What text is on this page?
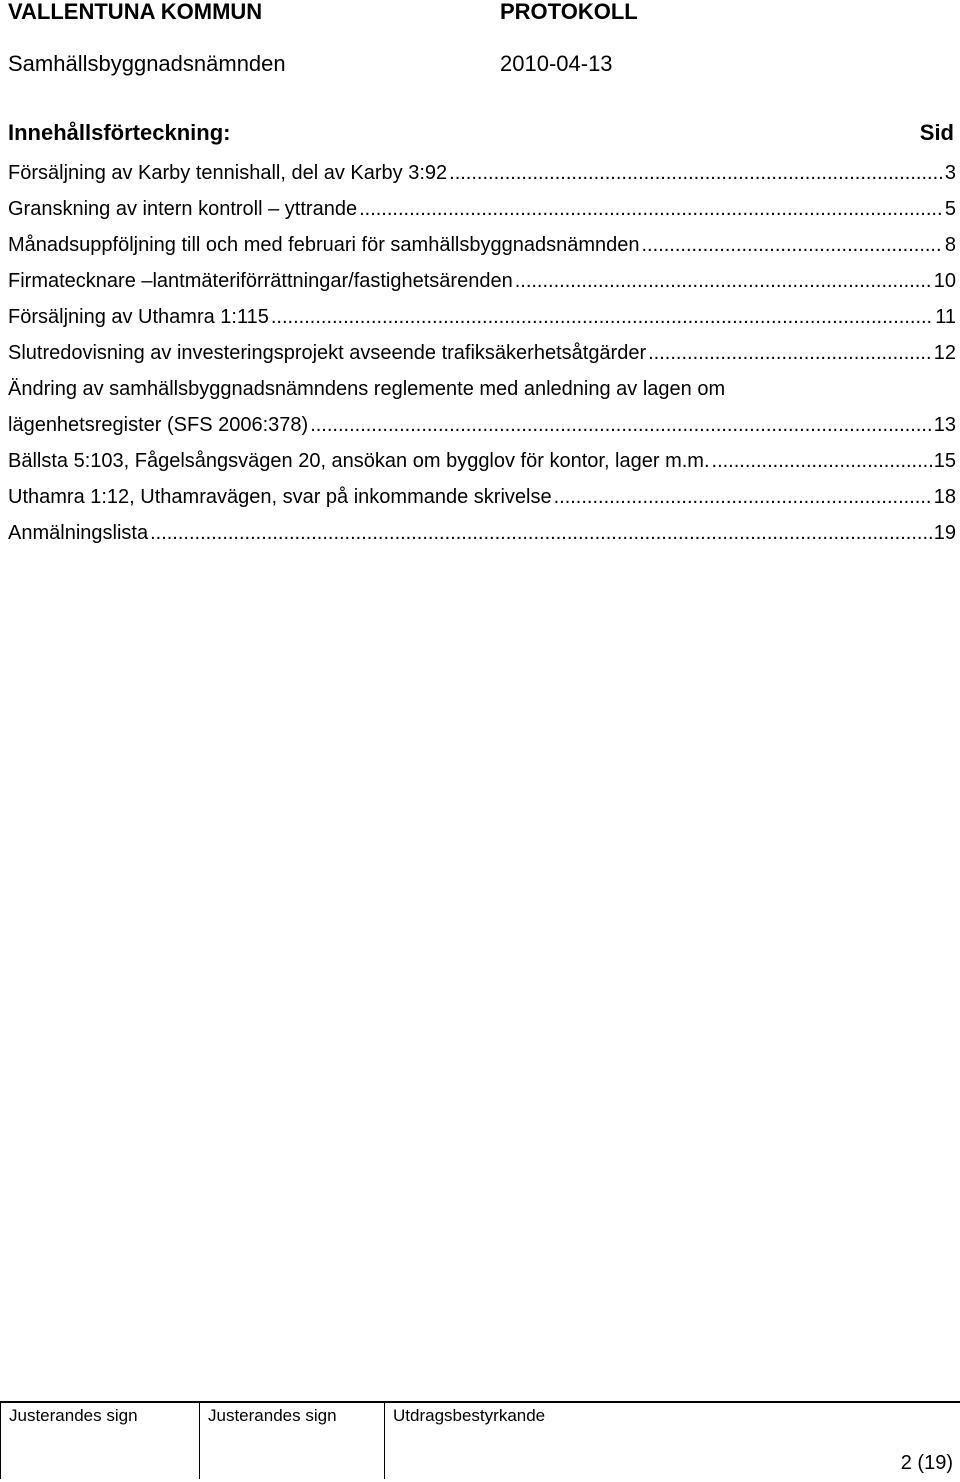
VALLENTUNA KOMMUN	PROTOKOLL
Samhällsbyggnadsnämnden	2010-04-13
Innehållsförteckning:	Sid
Försäljning av Karby tennishall, del av Karby 3:92 .....	3
Granskning av intern kontroll – yttrande .....	5
Månadsuppföljning till och med februari för samhällsbyggnadsnämnden .....	8
Firmatecknare –lantmäteriförrättningar/fastighetsärenden .....	10
Försäljning av Uthamra 1:115 .....	11
Slutredovisning av investeringsprojekt avseende trafiksäkerhetsåtgärder .....	12
Ändring av samhällsbyggnadsnämndens reglemente med anledning av lagen om
lägenhetsregister (SFS 2006:378) .....	13
Bällsta 5:103, Fågelsångsvägen 20, ansökan om bygglov för kontor, lager m.m. .....	15
Uthamra 1:12, Uthamravägen, svar på inkommande skrivelse .....	18
Anmälningslista .....	19
Justerandes sign	Justerandes sign	Utdragsbestyrkande
2 (19)
